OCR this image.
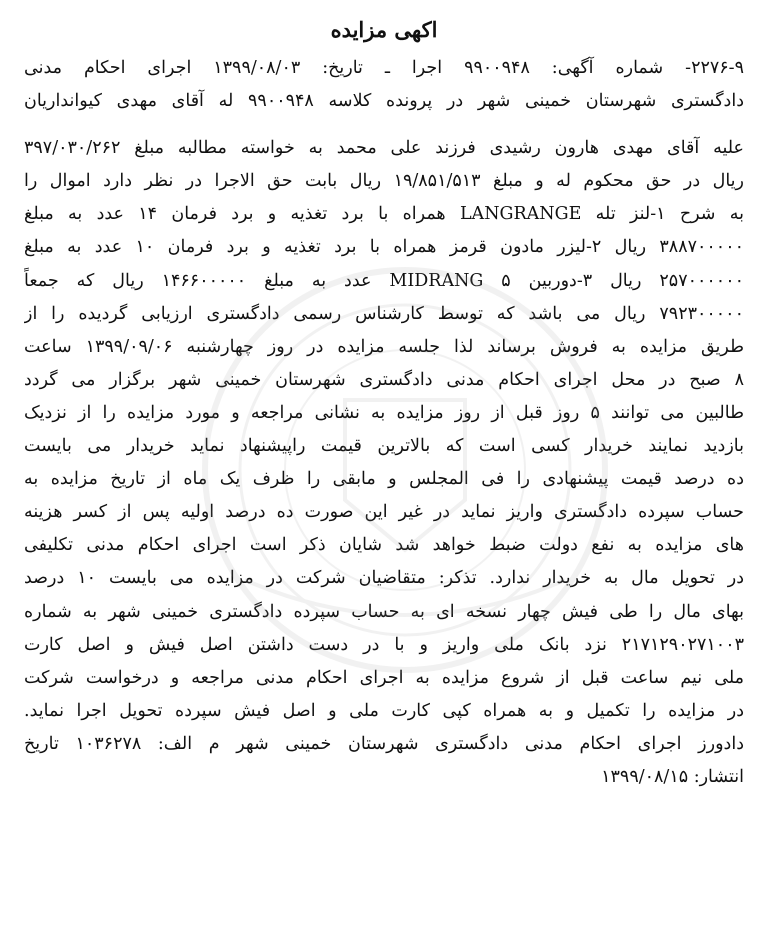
اکهی مزایده
۲۲۷۶-۹- شماره آگهی: ۹۹۰۰۹۴۸ اجرا ـ تاریخ: ۱۳۹۹/۰۸/۰۳ اجرای احکام مدنی
دادگستری شهرستان خمینی شهر در پرونده کلاسه ۹۹۰۰۹۴۸ له آقای مهدی کیوانداریان
علیه آقای مهدی هارون رشیدی فرزند علی محمد به خواسته مطالبه مبلغ ۳۹۷/۰۳۰/۲۶۲
ریال در حق محکوم له و مبلغ ۱۹/۸۵۱/۵۱۳ ریال بابت حق الاجرا در نظر دارد اموال را
به شرح ۱-لنز تله LANGRANGE همراه با برد تغذیه و برد فرمان ۱۴ عدد به مبلغ
۳۸۸۷۰۰۰۰۰ ریال ۲-لیزر مادون قرمز همراه با برد تغذیه و برد فرمان ۱۰ عدد به مبلغ
۲۵۷۰۰۰۰۰۰ ریال ۳-دوربین MIDRANG ۵ عدد به مبلغ ۱۴۶۶۰۰۰۰۰ ریال که جمعاً
۷۹۲۳۰۰۰۰۰ ریال می باشد که توسط کارشناس رسمی دادگستری ارزیابی گردیده را از
طریق مزایده به فروش برساند لذا جلسه مزایده در روز چهارشنبه ۱۳۹۹/۰۹/۰۶ ساعت
۸ صبح در محل اجرای احکام مدنی دادگستری شهرستان خمینی شهر برگزار می گردد
طالبین می توانند ۵ روز قبل از روز مزایده به نشانی مراجعه و مورد مزایده را از نزدیک
بازدید نمایند خریدار کسی است که بالاترین قیمت راپیشنهاد نماید خریدار می بایست
ده درصد قیمت پیشنهادی را فی المجلس و مابقی را ظرف یک ماه از تاریخ مزایده به
حساب سپرده دادگستری واریز نماید در غیر این صورت ده درصد اولیه پس از کسر هزینه
های مزایده به نفع دولت ضبط خواهد شد شایان ذکر است اجرای احکام مدنی تکلیفی
در تحویل مال به خریدار ندارد. تذکر: متقاضیان شرکت در مزایده می بایست ۱۰ درصد
بهای مال را طی فیش چهار نسخه ای به حساب سپرده دادگستری خمینی شهر به شماره
۲۱۷۱۲۹۰۲۷۱۰۰۳ نزد بانک ملی واریز و با در دست داشتن اصل فیش و اصل کارت
ملی نیم ساعت قبل از شروع مزایده به اجرای احکام مدنی مراجعه و درخواست شرکت
در مزایده را تکمیل و به همراه کپی کارت ملی و اصل فیش سپرده تحویل اجرا نماید.
دادورز اجرای احکام مدنی دادگستری شهرستان خمینی شهر م الف: ۱۰۳۶۲۷۸ تاریخ
انتشار: ۱۳۹۹/۰۸/۱۵
